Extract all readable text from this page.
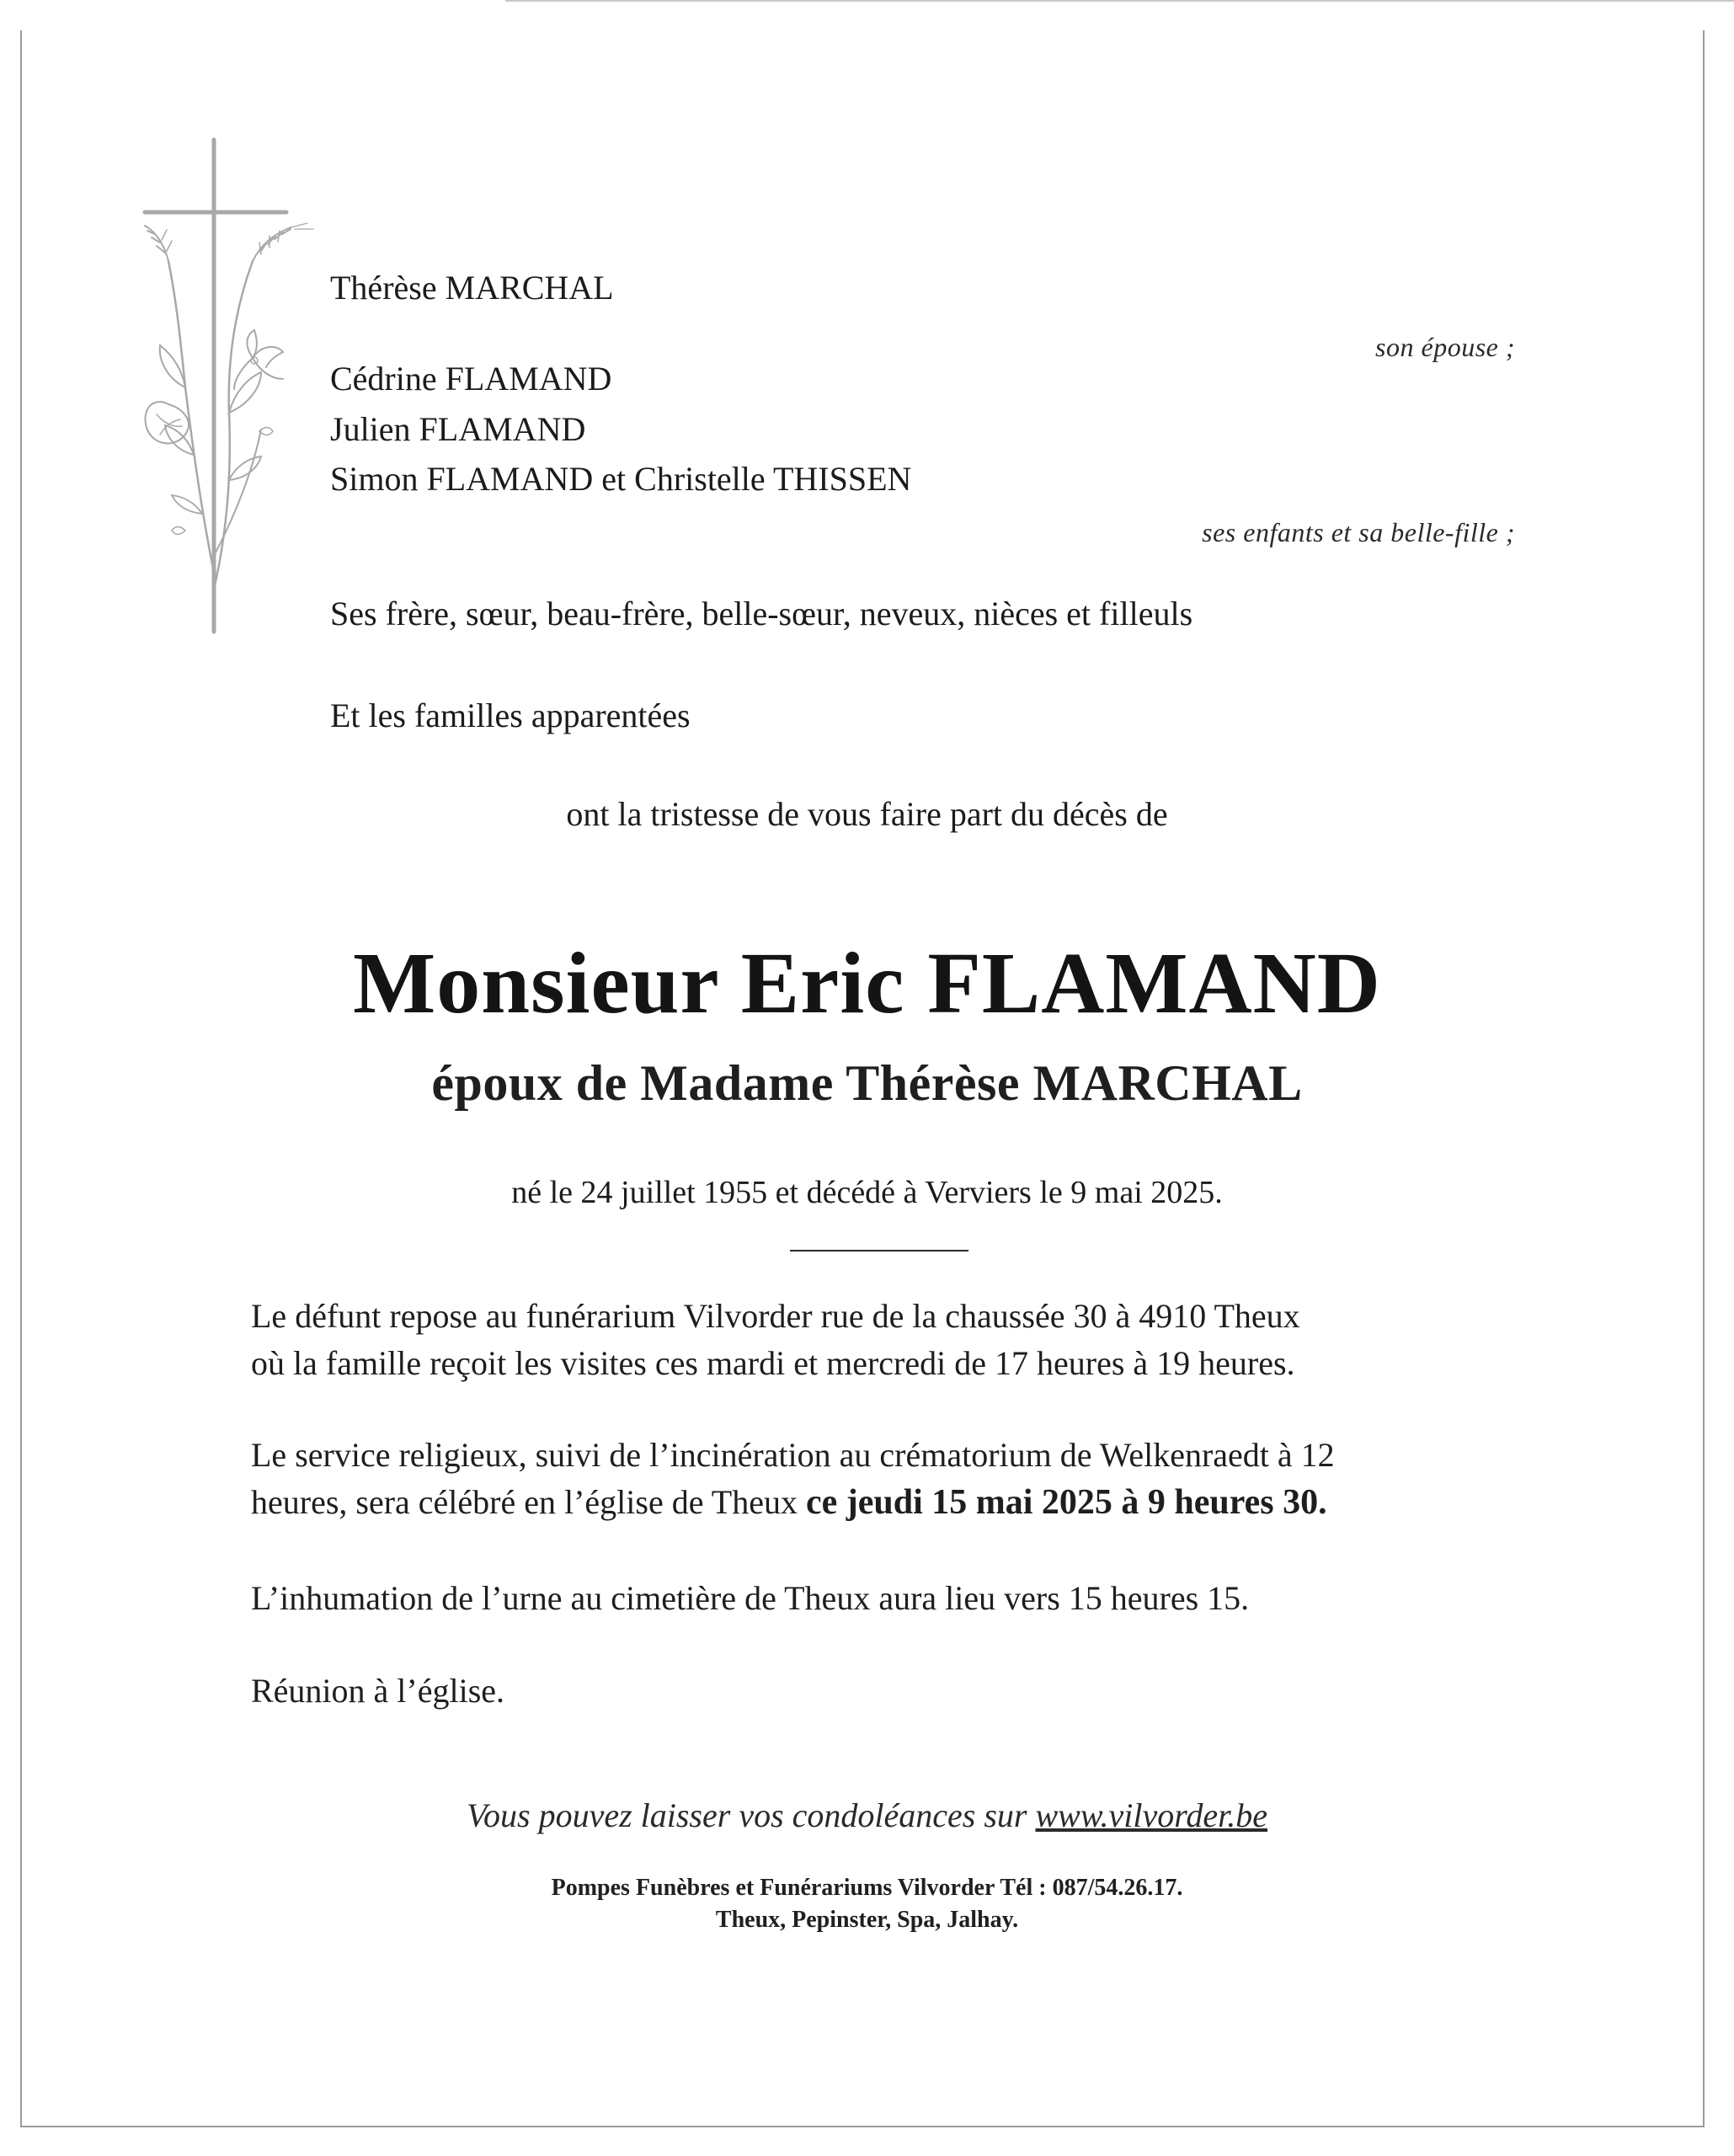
Thérèse MARCHAL
son épouse ;
Cédrine FLAMAND
Julien FLAMAND
Simon FLAMAND et Christelle THISSEN
ses enfants et sa belle-fille ;
Ses frère, sœur, beau-frère, belle-sœur, neveux, nièces et filleuls
Et les familles apparentées
ont la tristesse de vous faire part du décès de
Monsieur Eric FLAMAND
époux de Madame Thérèse MARCHAL
né le 24 juillet 1955 et décédé à Verviers le 9 mai 2025.
Le défunt repose au funérarium Vilvorder rue de la chaussée 30 à 4910 Theux
où la famille reçoit les visites ces mardi et mercredi de 17 heures à 19 heures.
Le service religieux, suivi de l’incinération au crématorium de Welkenraedt à 12
heures, sera célébré en l’église de Theux ce jeudi 15 mai 2025 à 9 heures 30.
L’inhumation de l’urne au cimetière de Theux aura lieu vers 15 heures 15.
Réunion à l’église.
Vous pouvez laisser vos condoléances sur www.vilvorder.be
Pompes Funèbres et Funérariums Vilvorder Tél : 087/54.26.17.
Theux, Pepinster, Spa, Jalhay.
